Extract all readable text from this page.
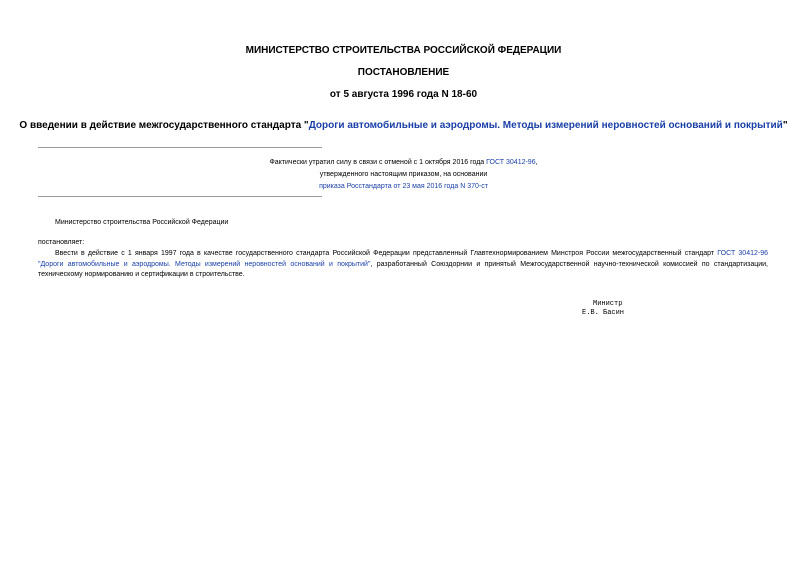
МИНИСТЕРСТВО СТРОИТЕЛЬСТВА РОССИЙСКОЙ ФЕДЕРАЦИИ
ПОСТАНОВЛЕНИЕ
от 5 августа 1996 года N 18-60
О введении в действие межгосударственного стандарта "Дороги автомобильные и аэродромы. Методы измерений неровностей оснований и покрытий"
Фактически утратил силу в связи с отменой с 1 октября 2016 года ГОСТ 30412-96,
утвержденного настоящим приказом, на основании
приказа Росстандарта от 23 мая 2016 года N 370-ст
Министерство строительства Российской Федерации
постановляет:
Ввести в действие с 1 января 1997 года в качестве государственного стандарта Российской Федерации представленный Главтехнормированием Минстроя России межгосударственный стандарт ГОСТ 30412-96 "Дороги автомобильные и аэродромы. Методы измерений неровностей оснований и покрытий", разработанный Союздорнии и принятый Межгосударственной научно-технической комиссией по стандартизации, техническому нормированию и сертификации в строительстве.
Министр
Е.В. Басин
